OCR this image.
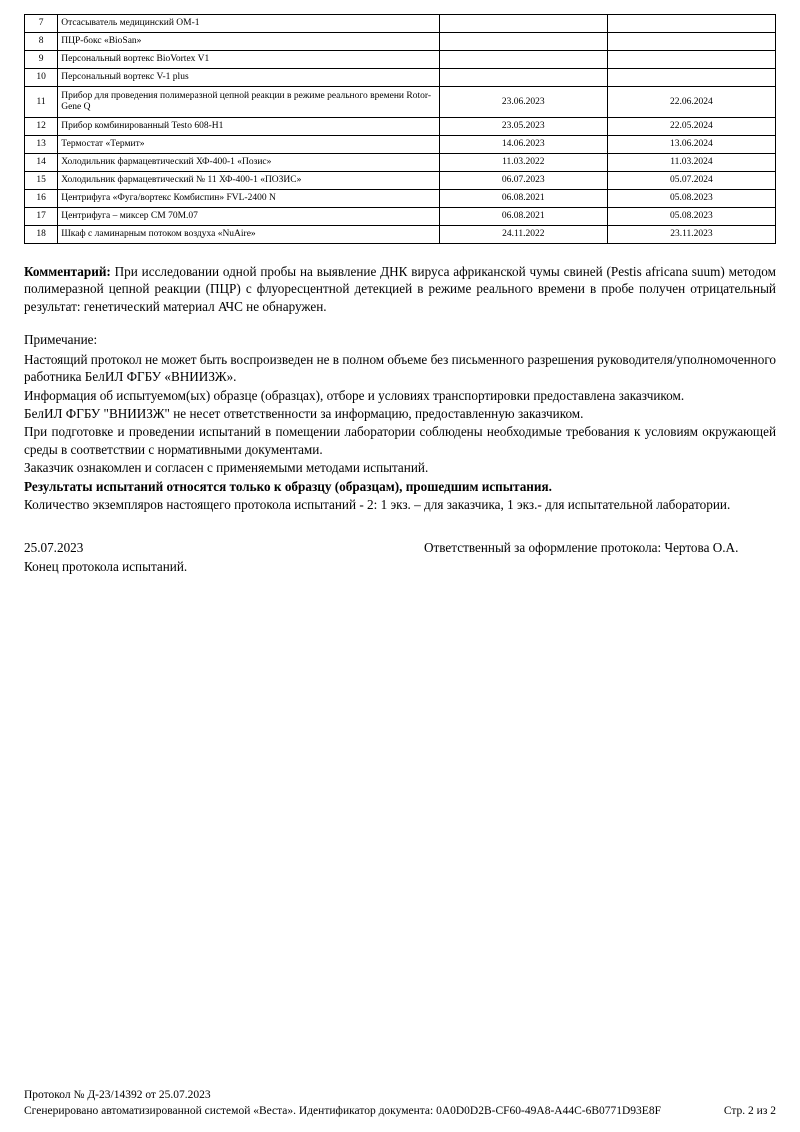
7	Отсасыватель медицинский ОМ-1		
8	ПЦР-бокс «BioSan»		
9	Персональный вортекс BioVortex V1		
10	Персональный вортекс V-1 plus		
11	Прибор для проведения полимеразной цепной реакции в режиме реального времени Rotor-Gene Q	23.06.2023	22.06.2024
12	Прибор комбинированный Testo 608-H1	23.05.2023	22.05.2024
13	Термостат «Термит»	14.06.2023	13.06.2024
14	Холодильник фармацевтический ХФ-400-1 «Позис»	11.03.2022	11.03.2024
15	Холодильник фармацевтический № 11 ХФ-400-1 «ПОЗИС»	06.07.2023	05.07.2024
16	Центрифуга «Фуга/вортекс Комбиспин» FVL-2400 N	06.08.2021	05.08.2023
17	Центрифуга – миксер СМ 70М.07	06.08.2021	05.08.2023
18	Шкаф с ламинарным потоком воздуха «NuAire»	24.11.2022	23.11.2023

Комментарий: При исследовании одной пробы на выявление ДНК вируса африканской чумы свиней (Pestis africana suum) методом полимеразной цепной реакции (ПЦР) с флуоресцентной детекцией в режиме реального времени в пробе получен отрицательный результат: генетический материал АЧС не обнаружен.

Примечание:

Настоящий протокол не может быть воспроизведен не в полном объеме без письменного разрешения руководителя/уполномоченного работника БелИЛ ФГБУ «ВНИИЗЖ».

Информация об испытуемом(ых) образце (образцах), отборе и условиях транспортировки предоставлена заказчиком.

БелИЛ ФГБУ "ВНИИЗЖ" не несет ответственности за информацию, предоставленную заказчиком.

При подготовке и проведении испытаний в помещении лаборатории соблюдены необходимые требования к условиям окружающей среды в соответствии с нормативными документами.

Заказчик ознакомлен и согласен с применяемыми методами испытаний.

Результаты испытаний относятся только к образцу (образцам), прошедшим испытания.

Количество экземпляров настоящего протокола испытаний - 2: 1 экз. – для заказчика, 1 экз.- для испытательной лаборатории.

25.07.2023	Ответственный за оформление протокола: Чертова О.А.
Конец протокола испытаний.
Протокол № Д-23/14392 от 25.07.2023
Сгенерировано автоматизированной системой «Веста». Идентификатор документа: 0A0D0D2B-CF60-49A8-A44C-6B0771D93E8F	Стр. 2 из 2
